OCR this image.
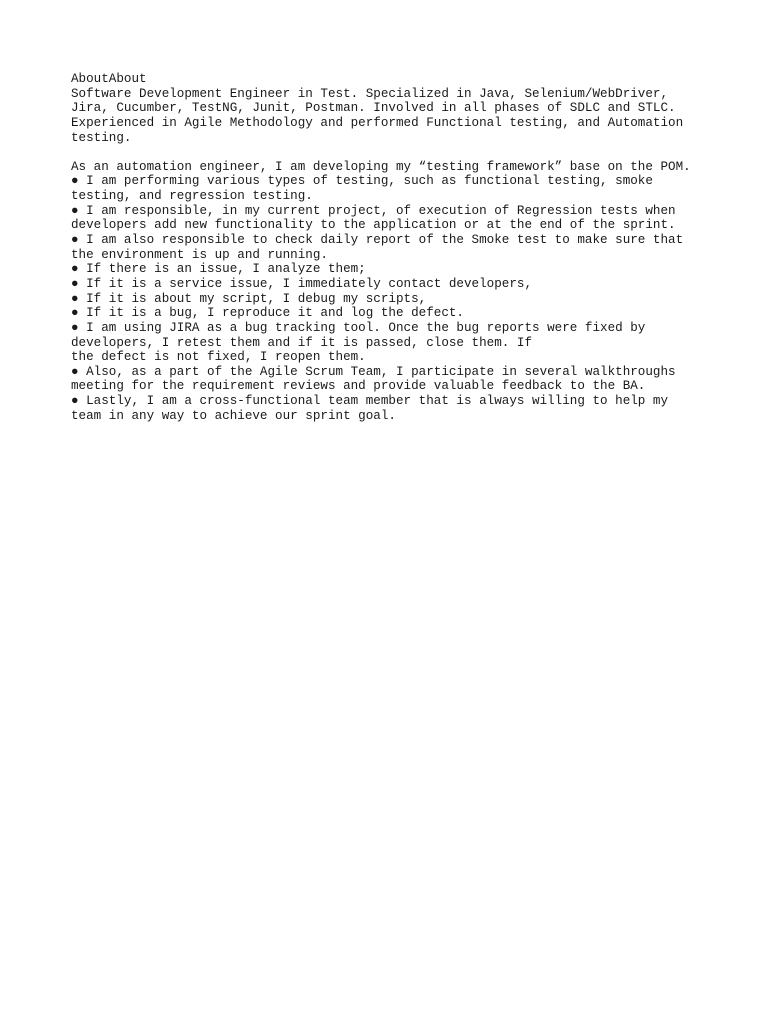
AboutAbout
Software Development Engineer in Test. Specialized in Java, Selenium/WebDriver,
Jira, Cucumber, TestNG, Junit, Postman. Involved in all phases of SDLC and STLC.
Experienced in Agile Methodology and performed Functional testing, and Automation
testing.
As an automation engineer, I am developing my “testing framework” base on the POM.
● I am performing various types of testing, such as functional testing, smoke
testing, and regression testing.
● I am responsible, in my current project, of execution of Regression tests when
developers add new functionality to the application or at the end of the sprint.
● I am also responsible to check daily report of the Smoke test to make sure that
the environment is up and running.
● If there is an issue, I analyze them;
● If it is a service issue, I immediately contact developers,
● If it is about my script, I debug my scripts,
● If it is a bug, I reproduce it and log the defect.
● I am using JIRA as a bug tracking tool. Once the bug reports were fixed by
developers, I retest them and if it is passed, close them. If
the defect is not fixed, I reopen them.
● Also, as a part of the Agile Scrum Team, I participate in several walkthroughs
meeting for the requirement reviews and provide valuable feedback to the BA.
● Lastly, I am a cross-functional team member that is always willing to help my
team in any way to achieve our sprint goal.
